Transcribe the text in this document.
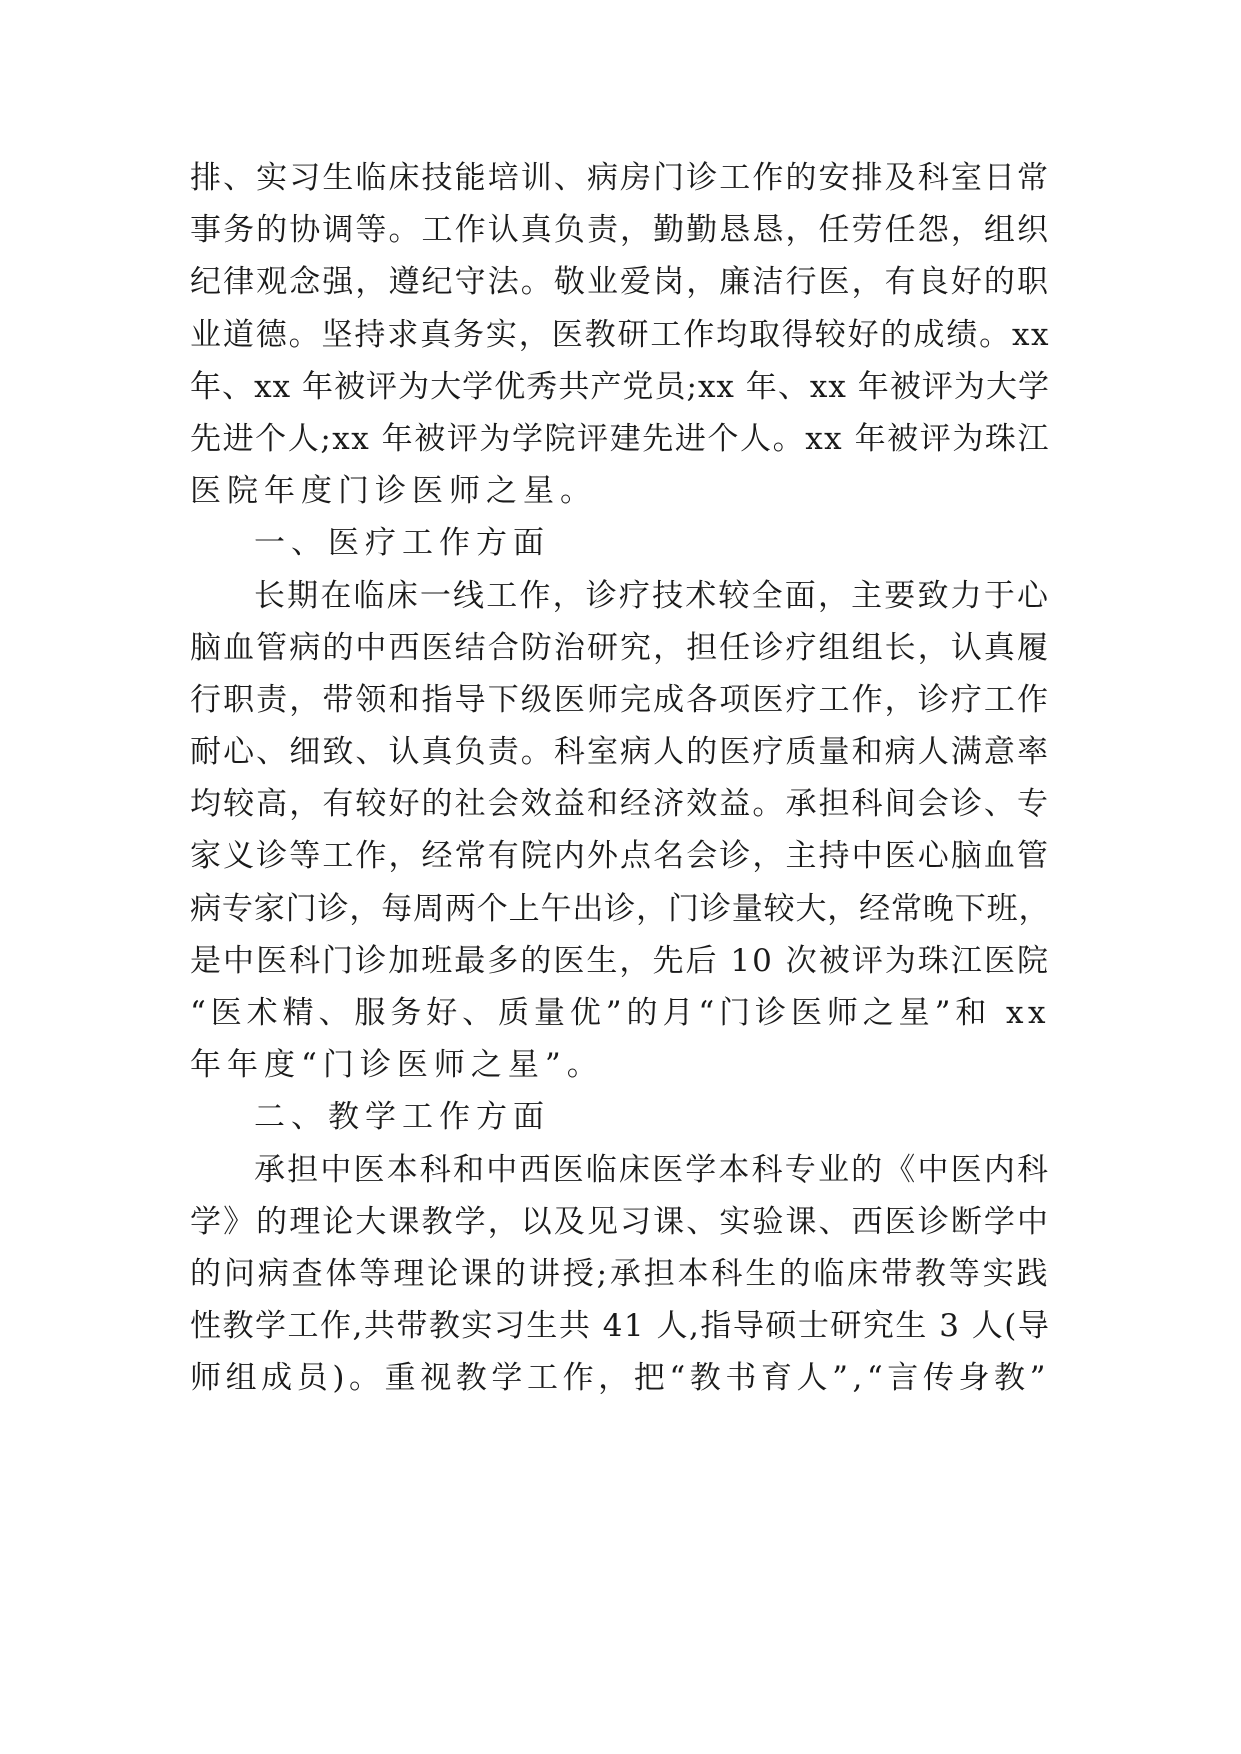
排、实习生临床技能培训、病房门诊工作的安排及科室日常
事务的协调等。工作认真负责，勤勤恳恳，任劳任怨，组织
纪律观念强，遵纪守法。敬业爱岗，廉洁行医，有良好的职
业道德。坚持求真务实，医教研工作均取得较好的成绩。xx
年、xx 年被评为大学优秀共产党员;xx 年、xx 年被评为大学
先进个人;xx 年被评为学院评建先进个人。xx 年被评为珠江
医院年度门诊医师之星。
一、医疗工作方面
长期在临床一线工作，诊疗技术较全面，主要致力于心
脑血管病的中西医结合防治研究，担任诊疗组组长，认真履
行职责，带领和指导下级医师完成各项医疗工作，诊疗工作
耐心、细致、认真负责。科室病人的医疗质量和病人满意率
均较高，有较好的社会效益和经济效益。承担科间会诊、专
家义诊等工作，经常有院内外点名会诊，主持中医心脑血管
病专家门诊，每周两个上午出诊，门诊量较大，经常晚下班，
是中医科门诊加班最多的医生，先后 10 次被评为珠江医院
“医术精、服务好、质量优”的月“门诊医师之星”和 xx
年年度“门诊医师之星”。
二、教学工作方面
承担中医本科和中西医临床医学本科专业的《中医内科
学》的理论大课教学，以及见习课、实验课、西医诊断学中
的问病查体等理论课的讲授;承担本科生的临床带教等实践
性教学工作,共带教实习生共 41 人,指导硕士研究生 3 人(导
师组成员)。重视教学工作，把“教书育人”,“言传身教”
